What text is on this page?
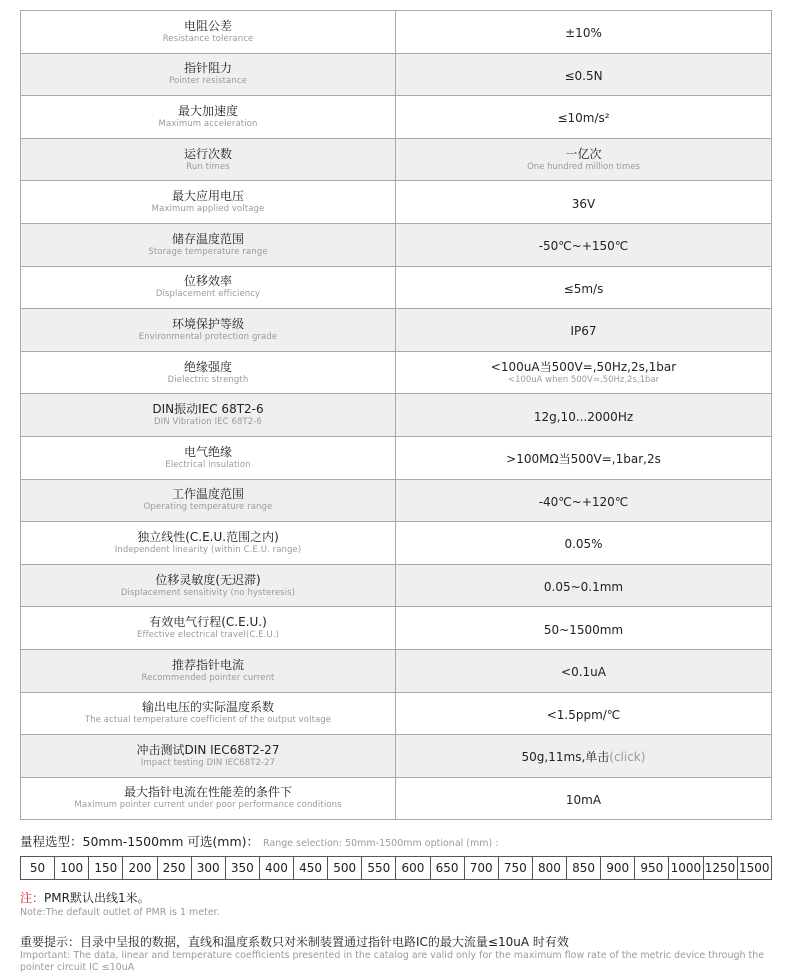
电阻公差
Resistance tolerance	±10%

指针阻力
Pointer resistance	≤0.5N

最大加速度
Maximum acceleration	≤10m/s²

运行次数
Run times	一亿次
One hundred million times

最大应用电压
Maximum applied voltage	36V

储存温度范围
Storage temperature range	-50℃~+150℃

位移效率
Displacement efficiency	≤5m/s

环境保护等级
Environmental protection grade	IP67

绝缘强度
Dielectric strength	<100uA当500V=,50Hz,2s,1bar
<100uA when 500V=,50Hz,2s,1bar

DIN振动IEC 68T2-6
DIN Vibration IEC 68T2-6	12g,10...2000Hz

电气绝缘
Electrical insulation	>100MΩ当500V=,1bar,2s

工作温度范围
Operating temperature range	-40℃~+120℃

独立线性(C.E.U.范围之内)
Independent linearity (within C.E.U. range)	0.05%

位移灵敏度(无迟滞)
Displacement sensitivity (no hysteresis)	0.05~0.1mm

有效电气行程(C.E.U.)
Effective electrical travel(C.E.U.)	50~1500mm

推荐指针电流
Recommended pointer current	<0.1uA

输出电压的实际温度系数
The actual temperature coefficient of the output voltage	<1.5ppm/℃

冲击测试DIN IEC68T2-27
Impact testing DIN IEC68T2-27	50g,11ms,单击(click)

最大指针电流在性能差的条件下
Maximum pointer current under poor performance conditions	10mA
量程选型：50mm-1500mm 可选(mm)： Range selection: 50mm-1500mm optional (mm) :
50	100	150	200	250	300	350	400	450	500	550	600	650	700	750	800	850	900	950	1000	1250	1500
注：PMR默认出线1米。
Note:The default outlet of PMR is 1 meter.
重要提示：目录中呈报的数据，直线和温度系数只对米制装置通过指针电路IC的最大流量≤10uA 时有效
Important: The data, linear and temperature coefficients presented in the catalog are valid only for the maximum flow rate of the metric device through the pointer circuit IC ≤10uA
